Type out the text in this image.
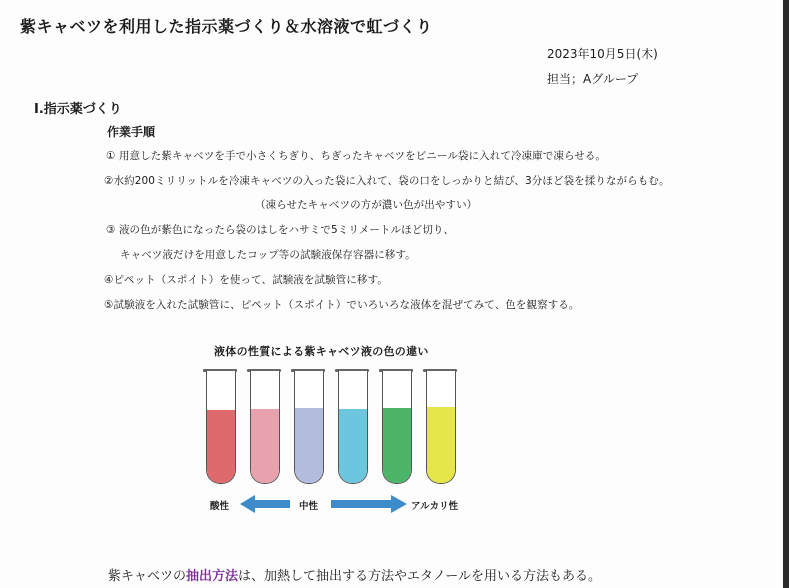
紫キャベツを利用した指示薬づくり＆水溶液で虹づくり
2023年10月5日(木)
担当；Aグループ
Ⅰ.指示薬づくり
作業手順
① 用意した紫キャベツを手で小さくちぎり、ちぎったキャベツをビニール袋に入れて冷凍庫で凍らせる。
②水約200ミリリットルを冷凍キャベツの入った袋に入れて、袋の口をしっかりと結び、3分ほど袋を揉りながらもむ。
（凍らせたキャベツの方が濃い色が出やすい）
③ 液の色が紫色になったら袋のはしをハサミで5ミリメートルほど切り、
キャベツ液だけを用意したコップ等の試験液保存容器に移す。
④ピペット（スポイト）を使って、試験液を試験管に移す。
⑤試験液を入れた試験管に、ピペット（スポイト）でいろいろな液体を混ぜてみて、色を観察する。
液体の性質による紫キャベツ液の色の違い
酸性	中性	アルカリ性
紫キャベツの抽出方法は、加熱して抽出する方法やエタノールを用いる方法もある。
